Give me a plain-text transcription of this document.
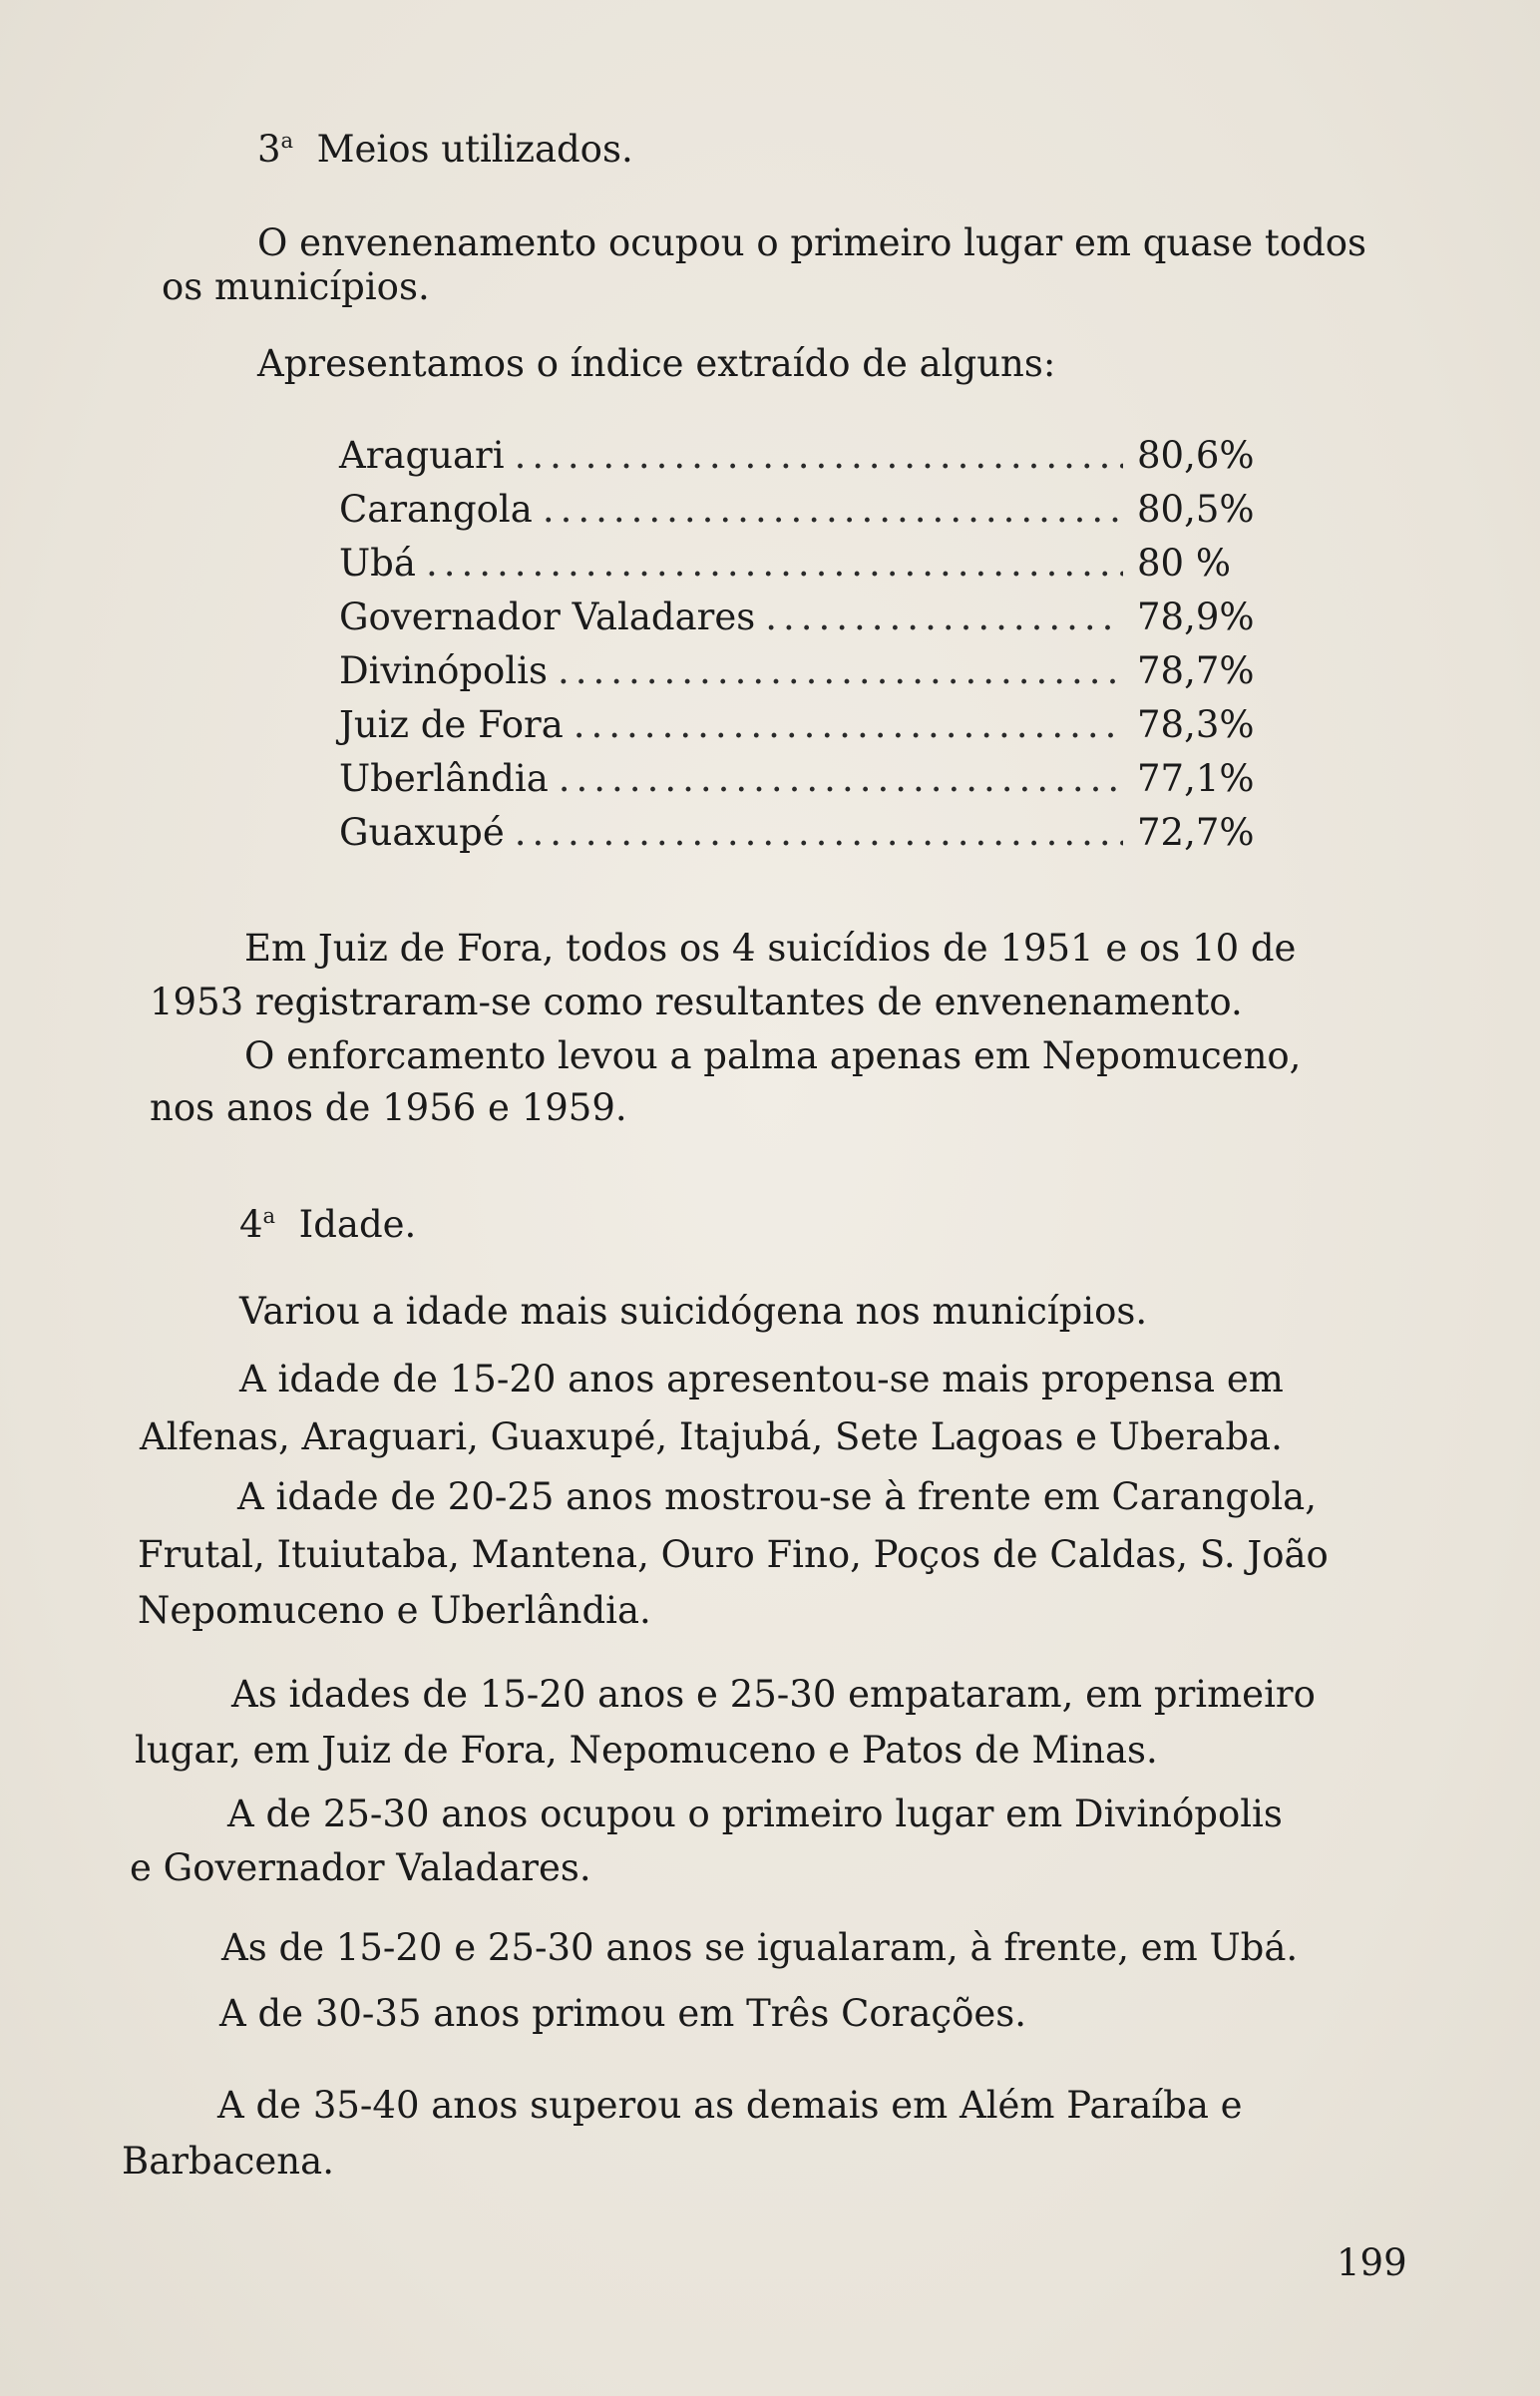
3$^a$ Meios utilizados.
O envenenamento ocupou o primeiro lugar em quase todos
os municípios.
Apresentamos o índice extraído de alguns:
Araguari .....	80,6%
Carangola .....	80,5%
Ubá .....	80 %
Governador Valadares .....	78,9%
Divinópolis .....	78,7%
Juiz de Fora .....	78,3%
Uberlândia .....	77,1%
Guaxupé .....	72,7%
Em Juiz de Fora, todos os 4 suicídios de 1951 e os 10 de
1953 registraram-se como resultantes de envenenamento.
O enforcamento levou a palma apenas em Nepomuceno,
nos anos de 1956 e 1959.
4$^a$ Idade.
Variou a idade mais suicidógena nos municípios.
A idade de 15-20 anos apresentou-se mais propensa em
Alfenas, Araguari, Guaxupé, Itajubá, Sete Lagoas e Uberaba.
A idade de 20-25 anos mostrou-se à frente em Carangola,
Frutal, Ituiutaba, Mantena, Ouro Fino, Poços de Caldas, S. João
Nepomuceno e Uberlândia.
As idades de 15-20 anos e 25-30 empataram, em primeiro
lugar, em Juiz de Fora, Nepomuceno e Patos de Minas.
A de 25-30 anos ocupou o primeiro lugar em Divinópolis
e Governador Valadares.
As de 15-20 e 25-30 anos se igualaram, à frente, em Ubá.
A de 30-35 anos primou em Três Corações.
A de 35-40 anos superou as demais em Além Paraíba e
Barbacena.
199
